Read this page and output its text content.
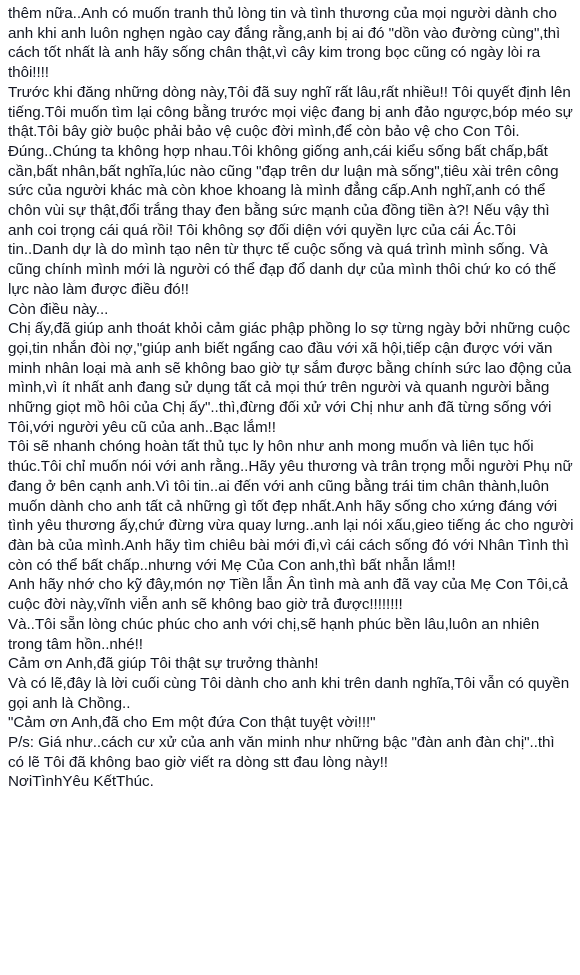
thêm nữa..Anh có muốn tranh thủ lòng tin và tình thương của mọi người dành cho anh khi anh luôn nghẹn ngào cay đắng rằng,anh bị ai đó "dồn vào đường cùng",thì cách tốt nhất là anh hãy sống chân thật,vì cây kim trong bọc cũng có ngày lòi ra thôi!!!!

Trước khi đăng những dòng này,Tôi đã suy nghĩ rất lâu,rất nhiều!! Tôi quyết định lên tiếng.Tôi muốn tìm lại công bằng trước mọi việc đang bị anh đảo ngược,bóp méo sự thật.Tôi bây giờ buộc phải bảo vệ cuộc đời mình,để còn bảo vệ cho Con Tôi.

Đúng..Chúng ta không hợp nhau.Tôi không giống anh,cái kiểu sống bất chấp,bất cần,bất nhân,bất nghĩa,lúc nào cũng "đạp trên dư luận mà sống",tiêu xài trên công sức của người khác mà còn khoe khoang là mình đẳng cấp.Anh nghĩ,anh có thể chôn vùi sự thật,đổi trắng thay đen bằng sức mạnh của đồng tiền à?! Nếu vậy thì anh coi trọng cái quá rồi! Tôi không sợ đối diện với quyền lực của cái Ác.Tôi tin..Danh dự là do mình tạo nên từ thực tế cuộc sống và quá trình mình sống. Và cũng chính mình mới là người có thể đạp đổ danh dự của mình thôi chứ ko có thế lực nào làm được điều đó!!

Còn điều này...

Chị ấy,đã giúp anh thoát khỏi cảm giác phập phồng lo sợ từng ngày bởi những cuộc gọi,tin nhắn đòi nợ,"giúp anh biết ngẩng cao đầu với xã hội,tiếp cận được với văn minh nhân loại mà anh sẽ không bao giờ tự sắm được bằng chính sức lao động của mình,vì ít nhất anh đang sử dụng tất cả mọi thứ trên người và quanh người bằng những giọt mồ hôi của Chị ấy"..thì,đừng đối xử với Chị như anh đã từng sống với Tôi,với người yêu cũ của anh..Bạc lắm!!

Tôi sẽ nhanh chóng hoàn tất thủ tục ly hôn như anh mong muốn và liên tục hối thúc.Tôi chỉ muốn nói với anh rằng..Hãy yêu thương và trân trọng mỗi người Phụ nữ đang ở bên cạnh anh.Vì tôi tin..ai đến với anh cũng bằng trái tim chân thành,luôn muốn dành cho anh tất cả những gì tốt đẹp nhất.Anh hãy sống cho xứng đáng với tình yêu thương ấy,chứ đừng vừa quay lưng..anh lại nói xấu,gieo tiếng ác cho người đàn bà của mình.Anh hãy tìm chiêu bài mới đi,vì cái cách sống đó với Nhân Tình thì còn có thể bất chấp..nhưng với Mẹ Của Con anh,thì bất nhẫn lắm!!

Anh hãy nhớ cho kỹ đây,món nợ Tiền lẫn Ân tình mà anh đã vay của Mẹ Con Tôi,cả cuộc đời này,vĩnh viễn anh sẽ không bao giờ trả được!!!!!!!!

Và..Tôi sẵn lòng chúc phúc cho anh với chị,sẽ hạnh phúc bền lâu,luôn an nhiên trong tâm hồn..nhé!!

Cảm ơn Anh,đã giúp Tôi thật sự trưởng thành!

Và có lẽ,đây là lời cuối cùng Tôi dành cho anh khi trên danh nghĩa,Tôi vẫn có quyền gọi anh là Chồng..

"Cảm ơn Anh,đã cho Em một đứa Con thật tuyệt vời!!!"

P/s: Giá như..cách cư xử của anh văn minh như những bậc "đàn anh đàn chị"..thì có lẽ Tôi đã không bao giờ viết ra dòng stt đau lòng này!!

NơiTìnhYêu KếtThúc.
